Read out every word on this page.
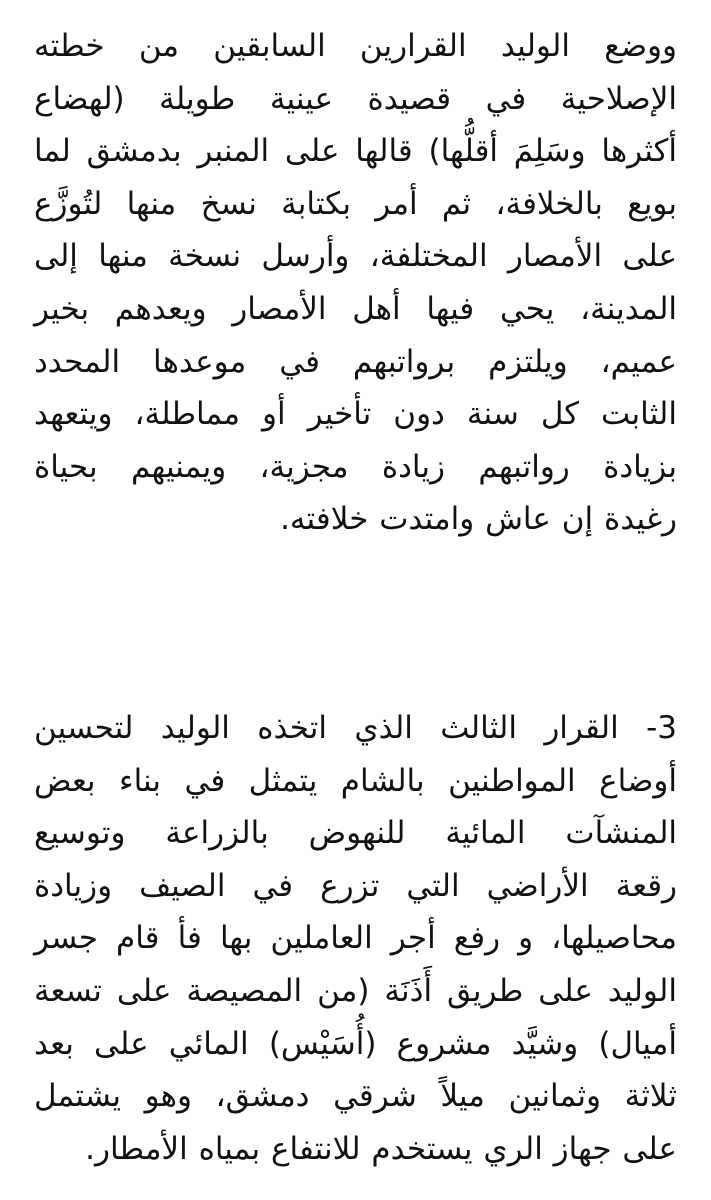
ووضع الوليد القرارين السابقين من خطته
الإصلاحية في قصيدة عينية طويلة (لهضاع
أكثرها وسَلِمَ أقلُّها) قالها على المنبر بدمشق لما
بويع بالخلافة، ثم أمر بكتابة نسخ منها لتُوزَّع
على الأمصار المختلفة، وأرسل نسخة منها إلى
المدينة، يحي فيها أهل الأمصار ويعدهم بخير
عميم، ويلتزم برواتبهم في موعدها المحدد
الثابت كل سنة دون تأخير أو مماطلة، ويتعهد
بزيادة رواتبهم زيادة مجزية، ويمنيهم بحياة
رغيدة إن عاش وامتدت خلافته.

3- القرار الثالث الذي اتخذه الوليد لتحسين
أوضاع المواطنين بالشام يتمثل في بناء بعض
المنشآت المائية للنهوض بالزراعة وتوسيع
رقعة الأراضي التي تزرع في الصيف وزيادة
محاصيلها، و رفع أجر العاملين بها فأ قام جسر
الوليد على طريق أَذَنَة (من المصيصة على تسعة
أميال) وشيَّد مشروع (أُسَيْس) المائي على بعد
ثلاثة وثمانين ميلاً شرقي دمشق، وهو يشتمل
على جهاز الري يستخدم للانتفاع بمياه الأمطار.
